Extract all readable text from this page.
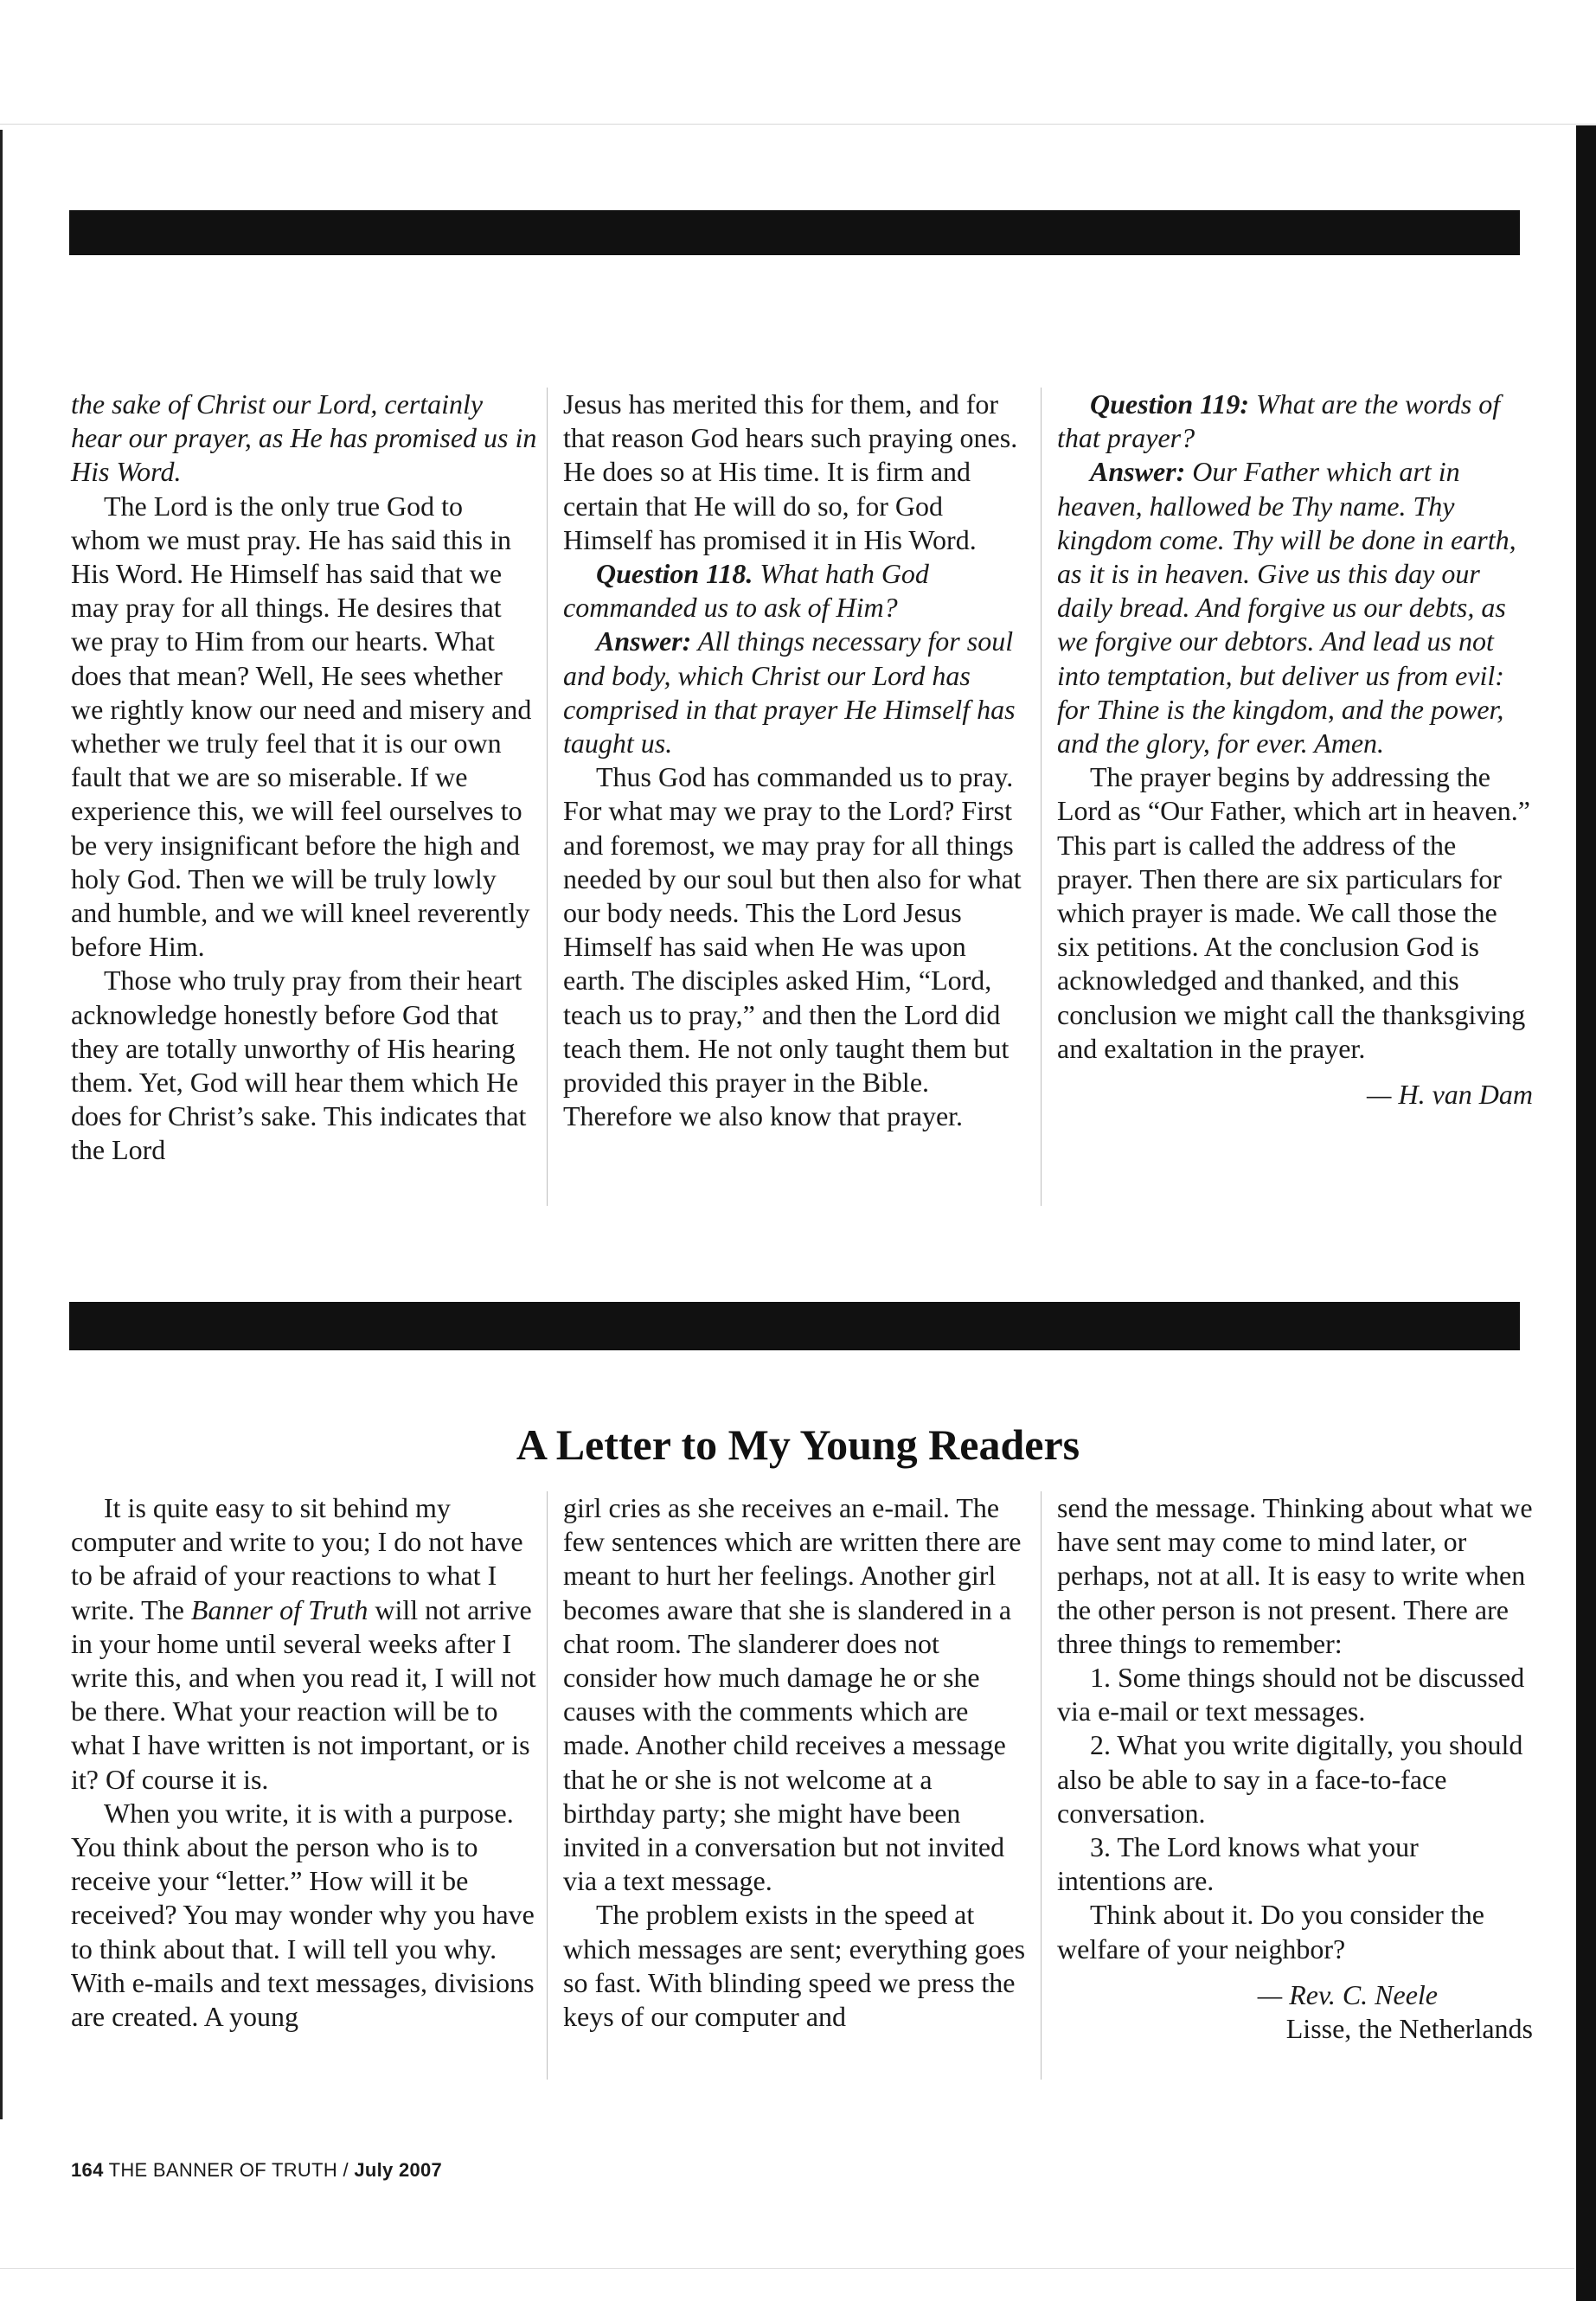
the sake of Christ our Lord, certainly hear our prayer, as He has promised us in His Word.

The Lord is the only true God to whom we must pray. He has said this in His Word. He Himself has said that we may pray for all things. He desires that we pray to Him from our hearts. What does that mean? Well, He sees whether we rightly know our need and misery and whether we truly feel that it is our own fault that we are so miserable. If we experience this, we will feel ourselves to be very insignificant before the high and holy God. Then we will be truly lowly and humble, and we will kneel reverently before Him.

Those who truly pray from their heart acknowledge honestly before God that they are totally unworthy of His hearing them. Yet, God will hear them which He does for Christ’s sake. This indicates that the Lord

Jesus has merited this for them, and for that reason God hears such praying ones. He does so at His time. It is firm and certain that He will do so, for God Himself has promised it in His Word.

Question 118. What hath God commanded us to ask of Him?

Answer: All things necessary for soul and body, which Christ our Lord has comprised in that prayer He Himself has taught us.

Thus God has commanded us to pray. For what may we pray to the Lord? First and foremost, we may pray for all things needed by our soul but then also for what our body needs. This the Lord Jesus Himself has said when He was upon earth. The disciples asked Him, “Lord, teach us to pray,” and then the Lord did teach them. He not only taught them but provided this prayer in the Bible. Therefore we also know that prayer.

Question 119: What are the words of that prayer?

Answer: Our Father which art in heaven, hallowed be Thy name. Thy kingdom come. Thy will be done in earth, as it is in heaven. Give us this day our daily bread. And forgive us our debts, as we forgive our debtors. And lead us not into temptation, but deliver us from evil: for Thine is the kingdom, and the power, and the glory, for ever. Amen.

The prayer begins by addressing the Lord as “Our Father, which art in heaven.” This part is called the address of the prayer. Then there are six particulars for which prayer is made. We call those the six petitions. At the conclusion God is acknowledged and thanked, and this conclusion we might call the thanksgiving and exaltation in the prayer.

— H. van Dam

A Letter to My Young Readers

It is quite easy to sit behind my computer and write to you; I do not have to be afraid of your reactions to what I write. The Banner of Truth will not arrive in your home until several weeks after I write this, and when you read it, I will not be there. What your reaction will be to what I have written is not important, or is it? Of course it is.

When you write, it is with a purpose. You think about the person who is to receive your “letter.” How will it be received? You may wonder why you have to think about that. I will tell you why. With e-mails and text messages, divisions are created. A young

girl cries as she receives an e-mail. The few sentences which are written there are meant to hurt her feelings. Another girl becomes aware that she is slandered in a chat room. The slanderer does not consider how much damage he or she causes with the comments which are made. Another child receives a message that he or she is not welcome at a birthday party; she might have been invited in a conversation but not invited via a text message.

The problem exists in the speed at which messages are sent; everything goes so fast. With blinding speed we press the keys of our computer and

send the message. Thinking about what we have sent may come to mind later, or perhaps, not at all. It is easy to write when the other person is not present. There are three things to remember:

1. Some things should not be discussed via e-mail or text messages.

2. What you write digitally, you should also be able to say in a face-to-face conversation.

3. The Lord knows what your intentions are.

Think about it. Do you consider the welfare of your neighbor?

— Rev. C. Neele

Lisse, the Netherlands

164 THE BANNER OF TRUTH / July 2007
